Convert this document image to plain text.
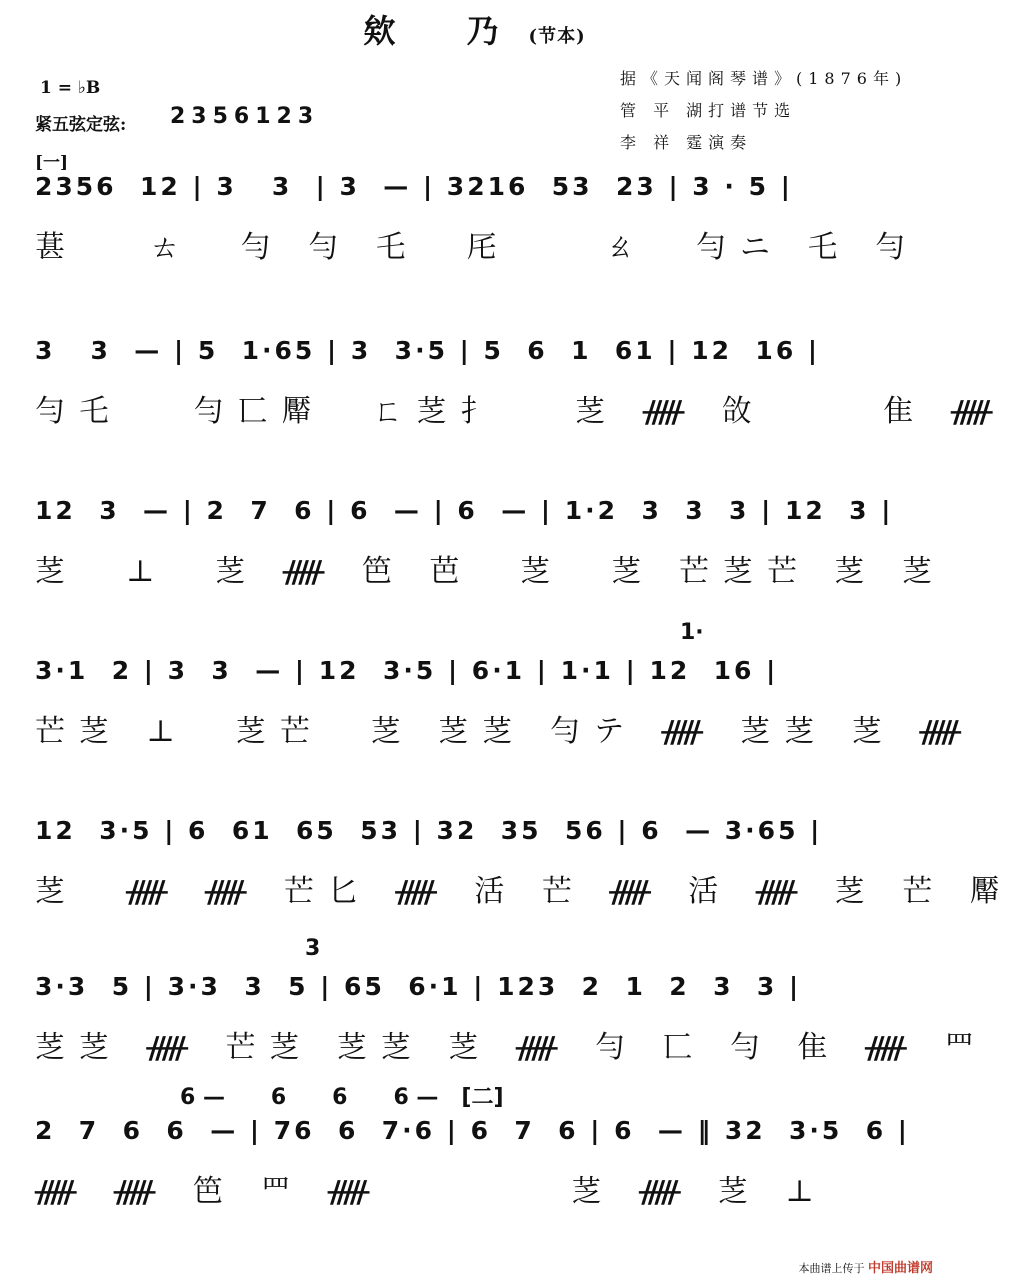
欸 乃(节本)
1 = ♭B
紧五弦定弦: 2356123
[一]
据《天闻阁琴谱》(1876年)
管 平 湖打谱节选
李 祥 霆演奏
2356  12 | 3   3  | 3  — | 3216  53  23 | 3 · 5 |
葚   ㄊ  勻 勻 乇  厇    ㄠ  勻ニ 乇 勻
3   3  — | 5  1·65 | 3  3·5 | 5  6  1  61 | 12  16 |
勻乇   勻匸厴  ㄈ䒦扌   䒦 ᚏ 㪉     隹 ᚏ
12  3  — | 2  7  6 | 6  — | 6  — | 1·2  3  3  3 | 12  3 |
䒦  ⊥  䒦 ᚏ 笆 芭  䒦  䒦 芒䒦芒 䒦 䒦
1·
3·1  2 | 3  3  — | 12  3·5 | 6·1 | 1·1 | 12  16 |
芒䒦 ⊥  䒦芒  䒦 䒦䒦 勻テ ᚏ 䒦䒦 䒦 ᚏ
12  3·5 | 6  61  65  53 | 32  35  56 | 6  — 3·65 |
䒦  ᚏ ᚏ 芒匕 ᚏ 活 芒 ᚏ 活 ᚏ 䒦 芒 厴
3
3·3  5 | 3·3  3  5 | 65  6·1 | 123  2  1  2  3  3 |
䒦䒦 ᚏ 芒䒦 䒦䒦 䒦 ᚏ 勻 匸 勻 隹 ᚏ 罒
6 —      6      6      6 —   [二]
2  7  6  6  — | 76  6  7·6 | 6  7  6 | 6  — ‖ 32  3·5  6 |
ᚏ ᚏ 笆 罒 ᚏ        䒦 ᚏ 䒦 ⊥
本曲谱上传于 中国曲谱网
